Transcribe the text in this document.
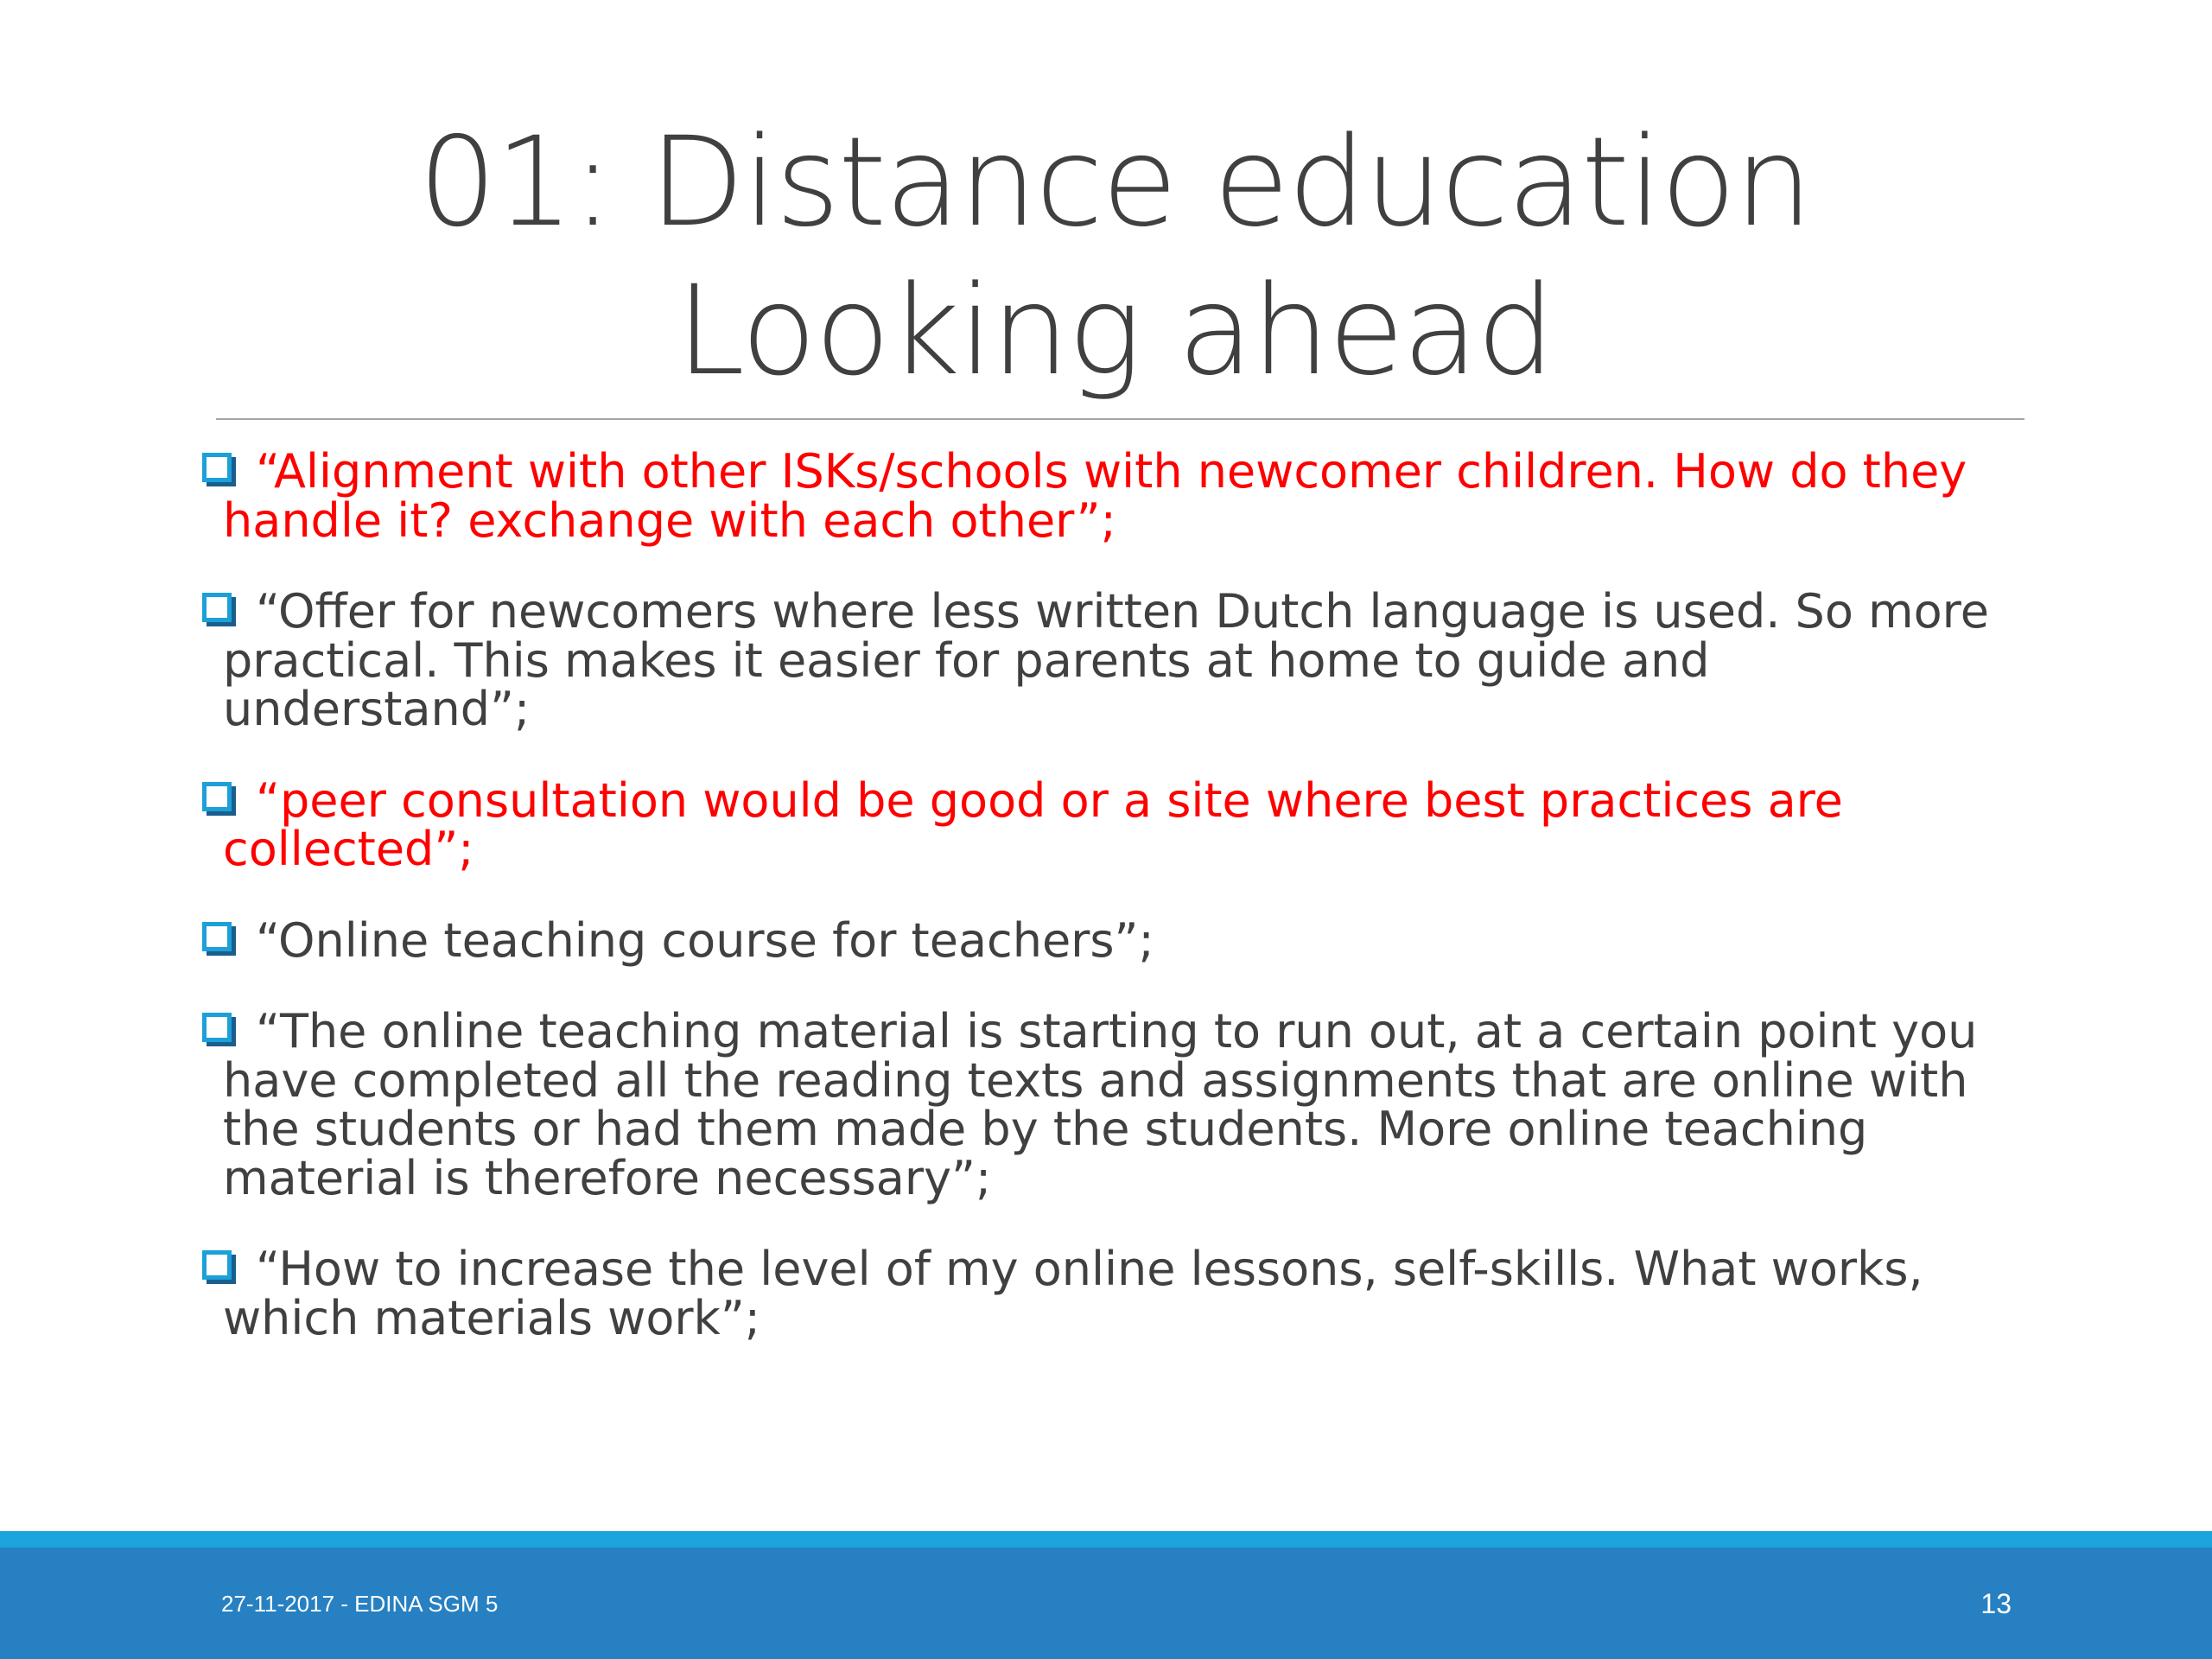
01: Distance education
Looking ahead
“Alignment with other ISKs/schools with newcomer children. How do they handle it? exchange with each other”;
“Offer for newcomers where less written Dutch language is used. So more practical. This makes it easier for parents at home to guide and understand”;
“peer consultation would be good or a site where best practices are collected”;
“Online teaching course for teachers”;
“The online teaching material is starting to run out, at a certain point you have completed all the reading texts and assignments that are online with the students or had them made by the students. More online teaching material is therefore necessary”;
“How to increase the level of my online lessons, self-skills. What works, which materials work”;
27-11-2017 - EDINA SGM 5	13
